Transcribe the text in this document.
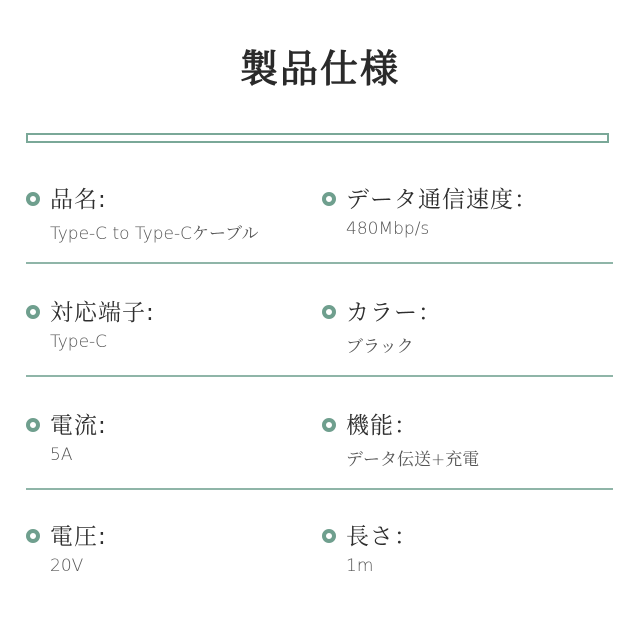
製品仕様
品名:
Type-C to Type-Cケーブル
データ通信速度：
480Mbp/s
対応端子:
Type-C
カラー：
ブラック
電流:
5A
機能：
データ伝送+充電
電圧:
20V
長さ：
1m
